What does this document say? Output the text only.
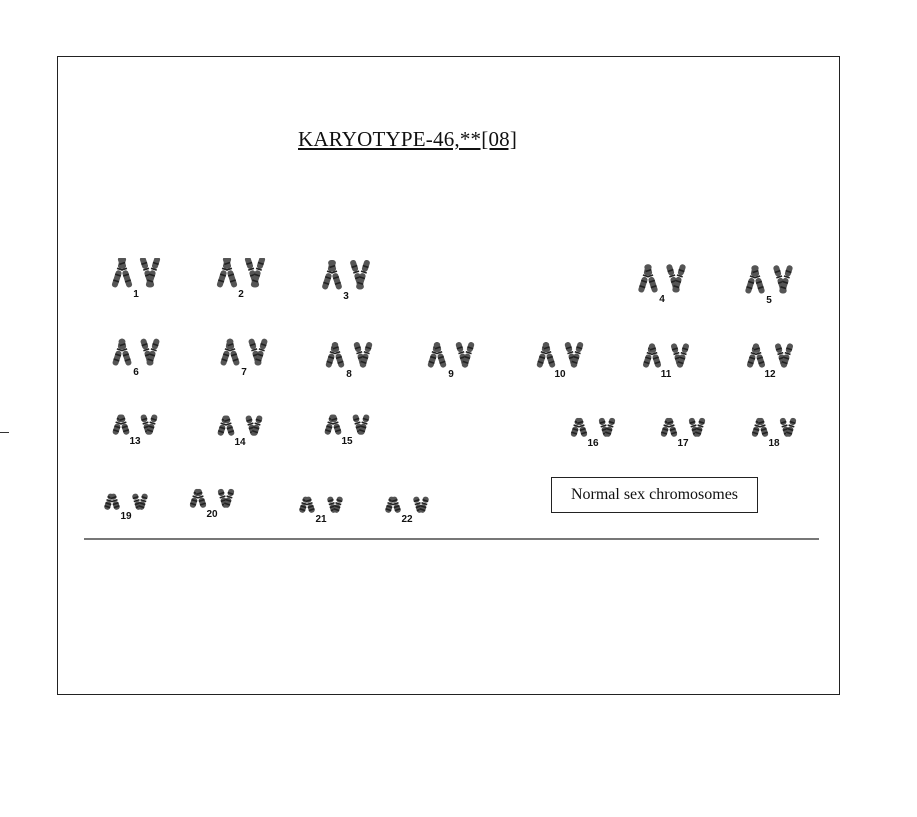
KARYOTYPE-46,**[08]
1	2	3	4	5
6	7	8	9	10	11	12
13	14	15	16	17	18
19	20	21	22
Normal sex chromosomes
